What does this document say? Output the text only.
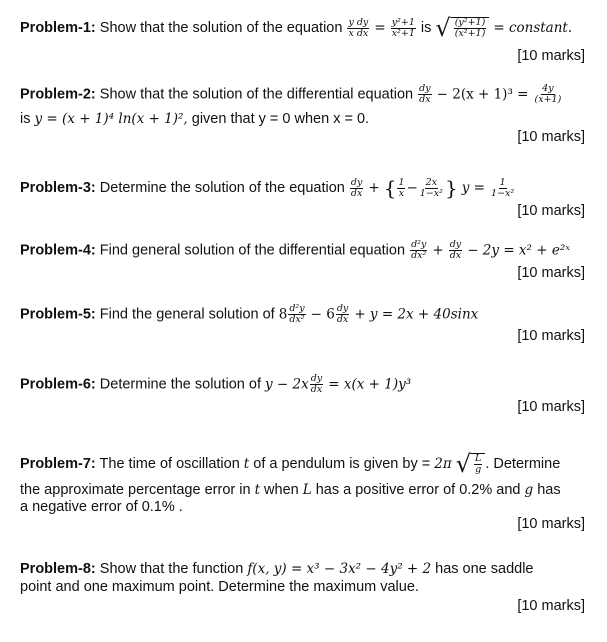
Problem-1: Show that the solution of the equation $\frac{\text{y dy}}{\text{x dx}} = \frac{\text{y²+1}}{\text{x²+1}}$ is √ $\frac{\text{(y²+1)}}{\text{(x²+1)}}$ = constant.
[10 marks]
Problem-2: Show that the solution of the differential equation $\frac{dy}{dx} - 2(x + 1)^3 = \frac{4y}{(x+1)}$
is y = (x + 1)⁴ ln(x + 1)², given that y = 0 when x = 0.
[10 marks]
Problem-3: Determine the solution of the equation $\frac{dy}{dx}$ + { $\frac{1}{x} - \frac{2x}{\text{1−x²}}$ } $y = \frac{1}{\text{1−x²}}$
[10 marks]
Problem-4: Find general solution of the differential equation $\frac{\text{d²y}}{\text{dx²}} + \frac{dy}{dx} - 2y = x^2$ + e²ˣ
[10 marks]
Problem-5: Find the general solution of $8 \frac{\text{d²y}}{\text{dx²}} - 6 \frac{dy}{dx} + y = 2x + 40\sin x$
[10 marks]
Problem-6: Determine the solution of $y - 2x \frac{dy}{dx} = x(x + 1)y^3$
[10 marks]
Problem-7: The time of oscillation t of a pendulum is given by = 2π √ $\frac{L}{g}$ . Determine
the approximate percentage error in t when L has a positive error of 0.2% and g has
a negative error of 0.1% .
[10 marks]
Problem-8: Show that the function f(x, y) = x³ − 3x² − 4y² + 2 has one saddle
point and one maximum point. Determine the maximum value.
[10 marks]
